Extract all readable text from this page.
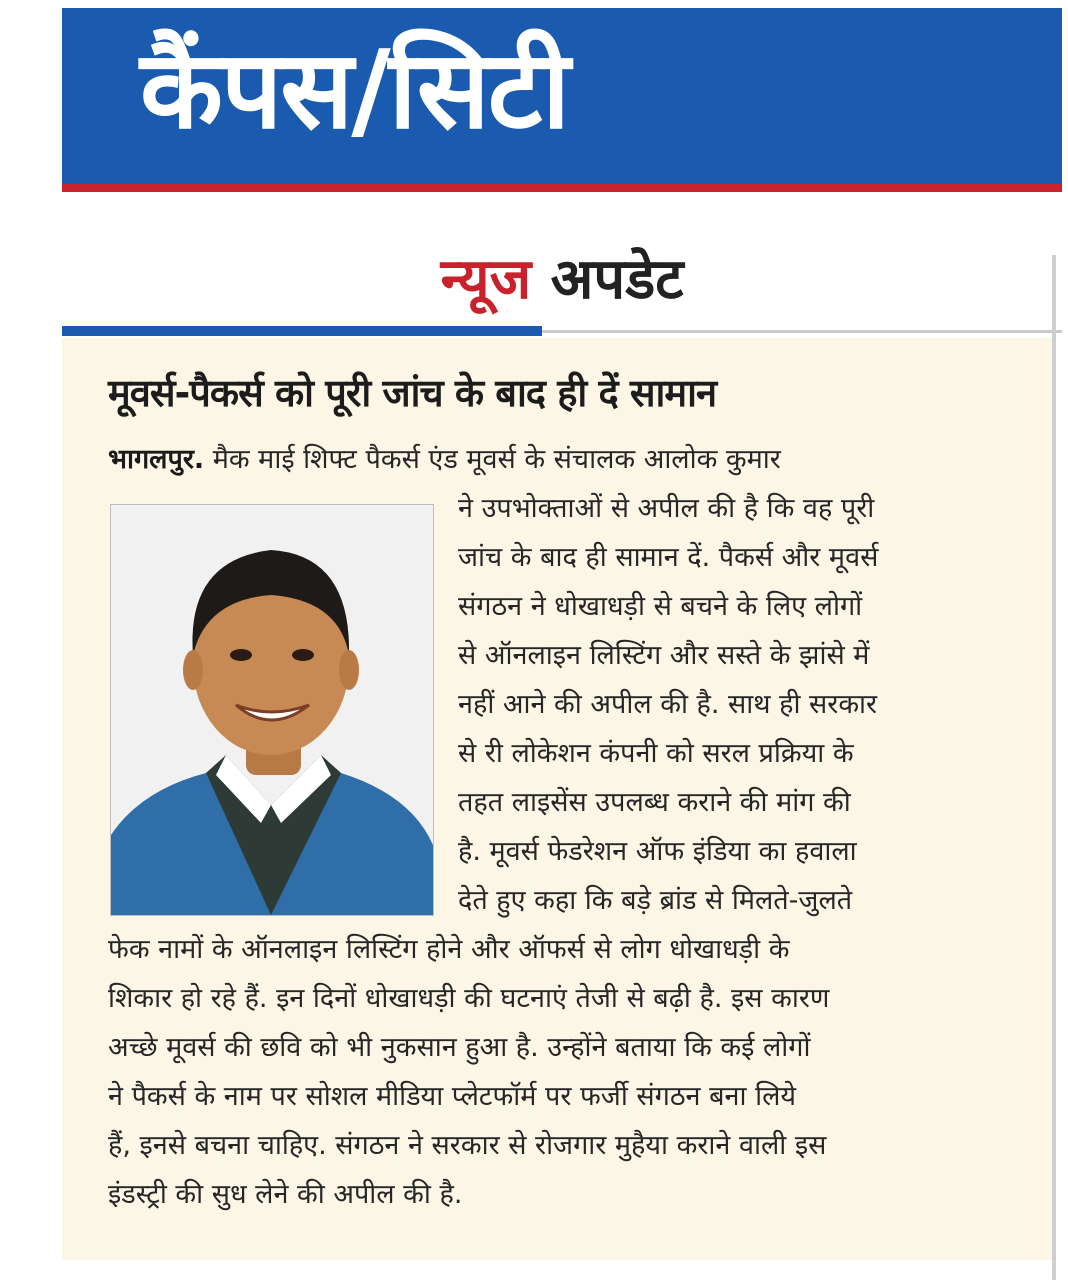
कैंपस/सिटी
न्यूज अपडेट
मूवर्स-पैकर्स को पूरी जांच के बाद ही दें सामान
भागलपुर. मैक माई शिफ्ट पैकर्स एंड मूवर्स के संचालक आलोक कुमार
ने उपभोक्ताओं से अपील की है कि वह पूरी
जांच के बाद ही सामान दें. पैकर्स और मूवर्स
संगठन ने धोखाधड़ी से बचने के लिए लोगों
से ऑनलाइन लिस्टिंग और सस्ते के झांसे में
नहीं आने की अपील की है. साथ ही सरकार
से री लोकेशन कंपनी को सरल प्रक्रिया के
तहत लाइसेंस उपलब्ध कराने की मांग की
है. मूवर्स फेडरेशन ऑफ इंडिया का हवाला
देते हुए कहा कि बड़े ब्रांड से मिलते-जुलते
फेक नामों के ऑनलाइन लिस्टिंग होने और ऑफर्स से लोग धोखाधड़ी के
शिकार हो रहे हैं. इन दिनों धोखाधड़ी की घटनाएं तेजी से बढ़ी है. इस कारण
अच्छे मूवर्स की छवि को भी नुकसान हुआ है. उन्होंने बताया कि कई लोगों
ने पैकर्स के नाम पर सोशल मीडिया प्लेटफॉर्म पर फर्जी संगठन बना लिये
हैं, इनसे बचना चाहिए. संगठन ने सरकार से रोजगार मुहैया कराने वाली इस
इंडस्ट्री की सुध लेने की अपील की है.
